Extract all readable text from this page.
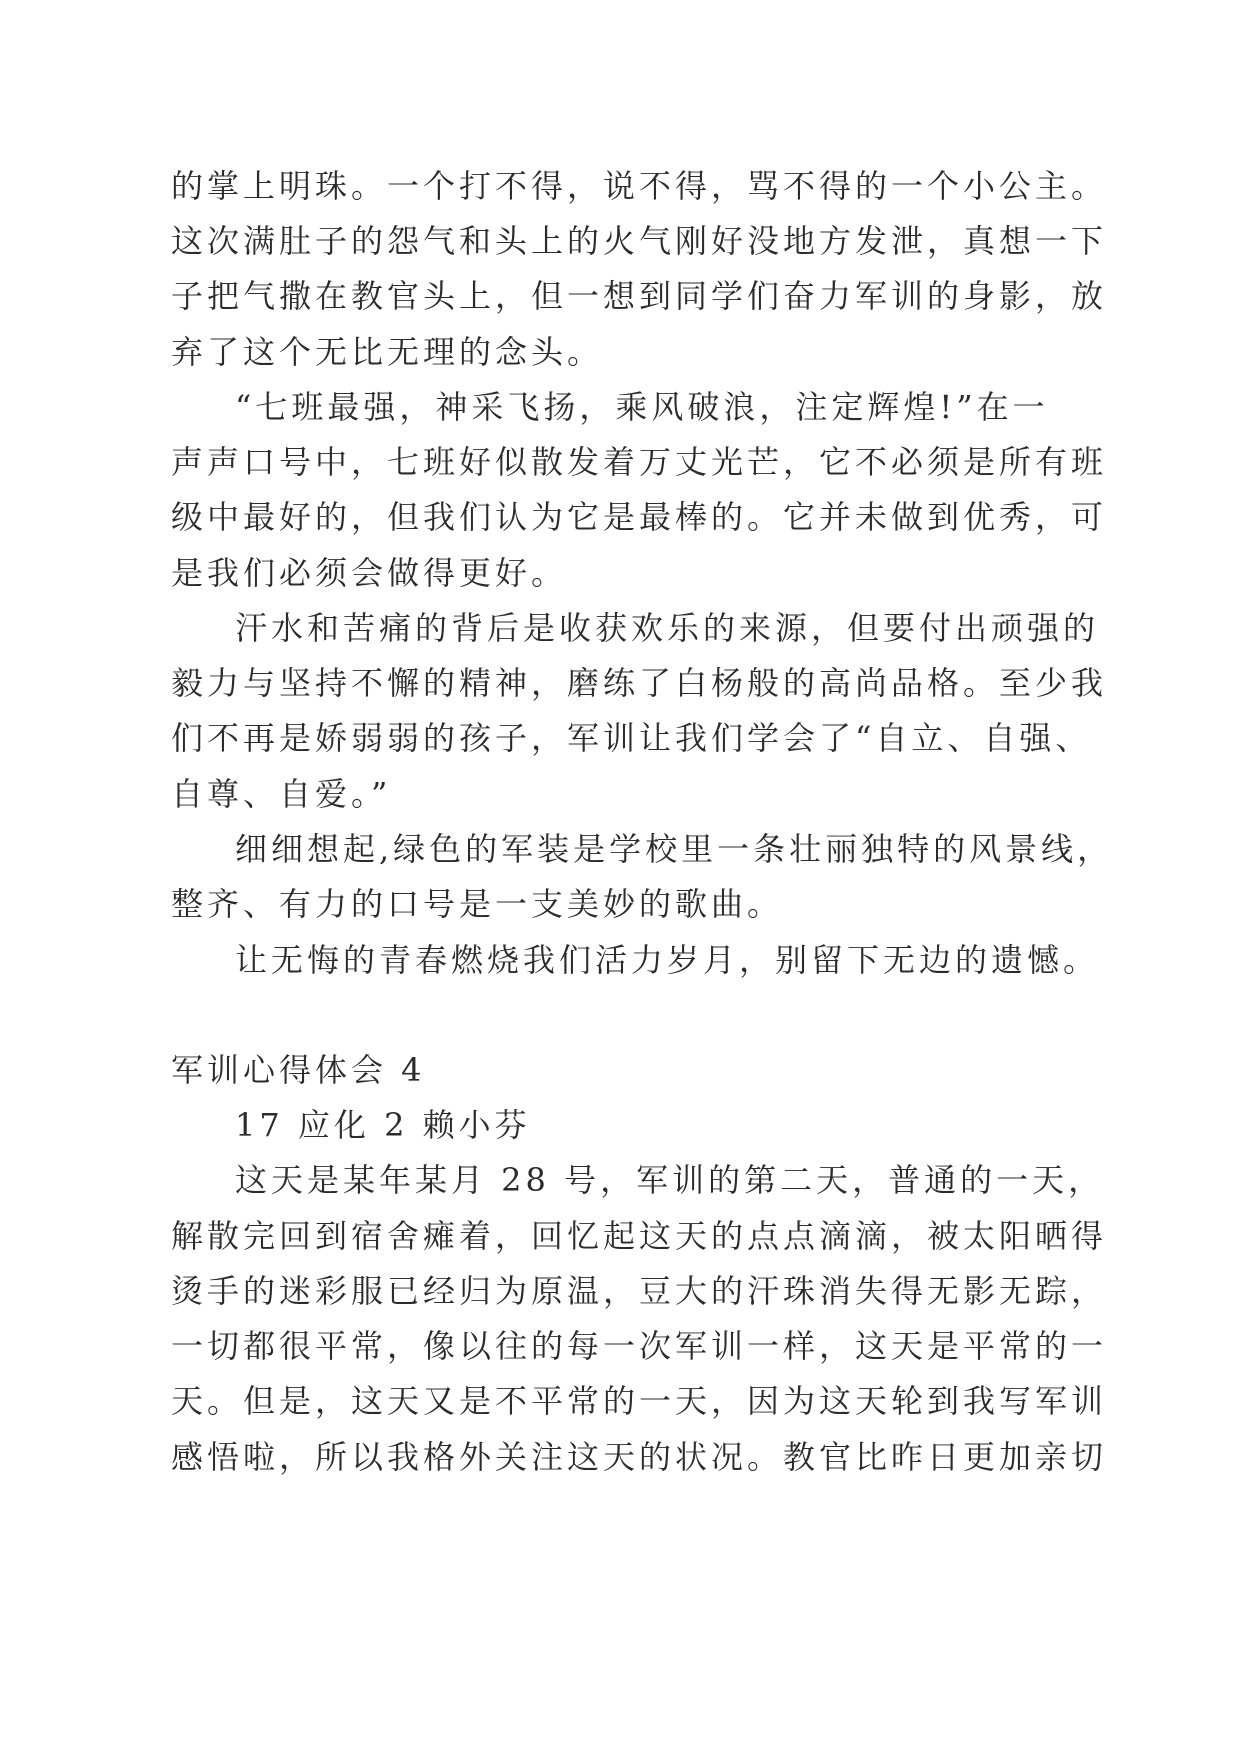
的掌上明珠。一个打不得，说不得，骂不得的一个小公主。
这次满肚子的怨气和头上的火气刚好没地方发泄，真想一下
子把气撒在教官头上，但一想到同学们奋力军训的身影，放
弃了这个无比无理的念头。
“七班最强，神采飞扬，乘风破浪，注定辉煌!”在一
声声口号中，七班好似散发着万丈光芒，它不必须是所有班
级中最好的，但我们认为它是最棒的。它并未做到优秀，可
是我们必须会做得更好。
汗水和苦痛的背后是收获欢乐的来源，但要付出顽强的
毅力与坚持不懈的精神，磨练了白杨般的高尚品格。至少我
们不再是娇弱弱的孩子，军训让我们学会了“自立、自强、
自尊、自爱。”
细细想起,绿色的军装是学校里一条壮丽独特的风景线，
整齐、有力的口号是一支美妙的歌曲。
让无悔的青春燃烧我们活力岁月，别留下无边的遗憾。
军训心得体会 4
17 应化 2 赖小芬
这天是某年某月 28 号，军训的第二天，普通的一天，
解散完回到宿舍瘫着，回忆起这天的点点滴滴，被太阳晒得
烫手的迷彩服已经归为原温，豆大的汗珠消失得无影无踪，
一切都很平常，像以往的每一次军训一样，这天是平常的一
天。但是，这天又是不平常的一天，因为这天轮到我写军训
感悟啦，所以我格外关注这天的状况。教官比昨日更加亲切
